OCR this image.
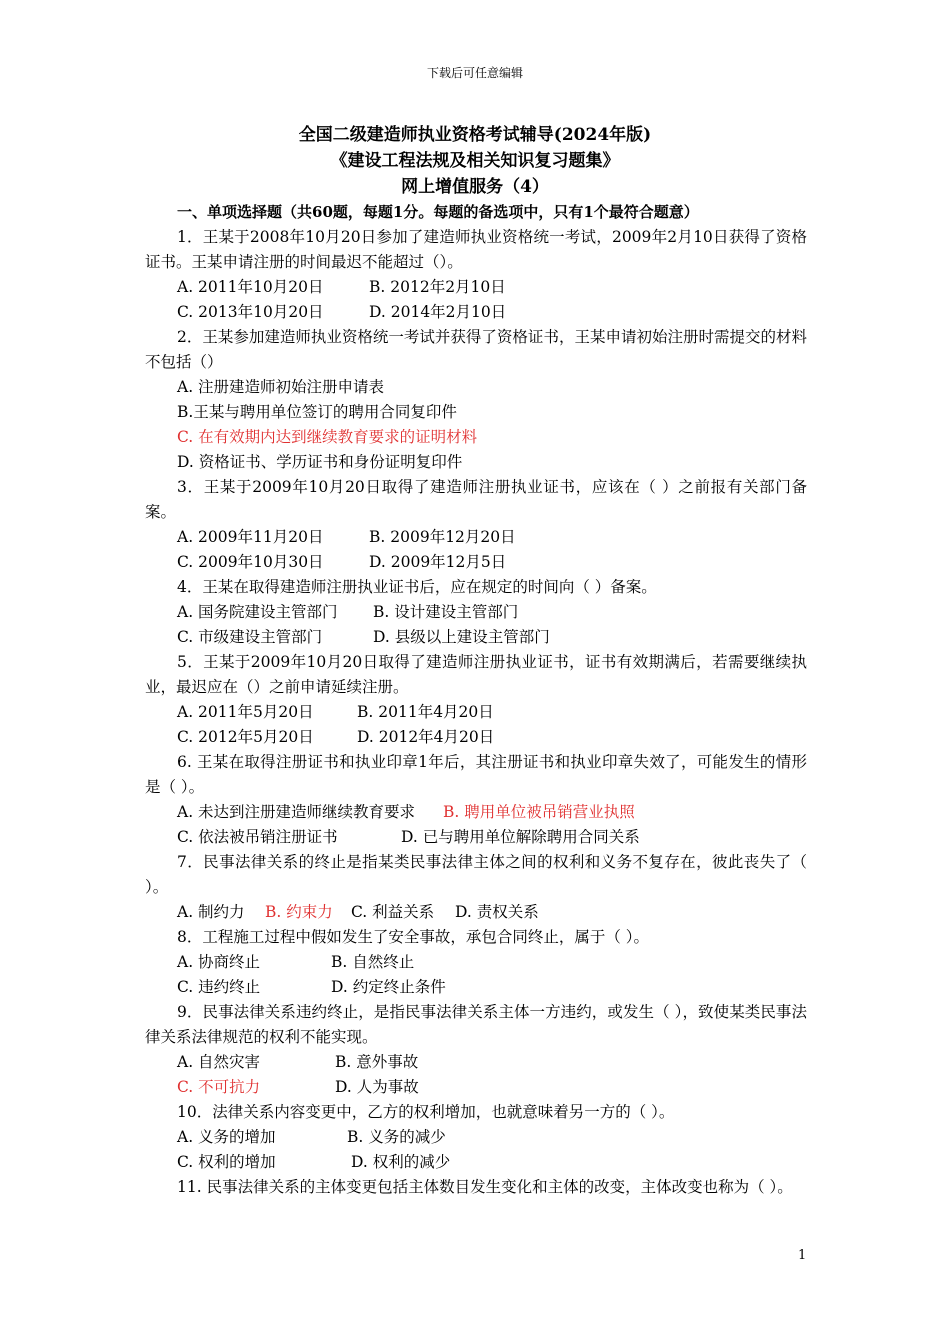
下载后可任意编辑
全国二级建造师执业资格考试辅导(2024年版)
《建设工程法规及相关知识复习题集》
网上增值服务（4）
一、单项选择题（共60题，每题1分。每题的备选项中，只有1个最符合题意）
1．王某于2008年10月20日参加了建造师执业资格统一考试，2009年2月10日获得了资格证书。王某申请注册的时间最迟不能超过（）。
A. 2011年10月20日	B. 2012年2月10日
C. 2013年10月20日	D. 2014年2月10日
2．王某参加建造师执业资格统一考试并获得了资格证书，王某申请初始注册时需提交的材料不包括（）
A. 注册建造师初始注册申请表
B.王某与聘用单位签订的聘用合同复印件
C. 在有效期内达到继续教育要求的证明材料
D. 资格证书、学历证书和身份证明复印件
3．王某于2009年10月20日取得了建造师注册执业证书，应该在（ ）之前报有关部门备案。
A. 2009年11月20日	B. 2009年12月20日
C. 2009年10月30日	D. 2009年12月5日
4．王某在取得建造师注册执业证书后，应在规定的时间向（ ）备案。
A. 国务院建设主管部门 B. 设计建设主管部门
C. 市级建设主管部门	D. 县级以上建设主管部门
5．王某于2009年10月20日取得了建造师注册执业证书，证书有效期满后，若需要继续执业，最迟应在（）之前申请延续注册。
A. 2011年5月20日	B. 2011年4月20日
C. 2012年5月20日	D. 2012年4月20日
6. 王某在取得注册证书和执业印章1年后，其注册证书和执业印章失效了，可能发生的情形是（ ）。
A. 未达到注册建造师继续教育要求 B. 聘用单位被吊销营业执照
C. 依法被吊销注册证书	D. 已与聘用单位解除聘用合同关系
7．民事法律关系的终止是指某类民事法律主体之间的权利和义务不复存在，彼此丧失了（ ）。
A. 制约力 B. 约束力 C. 利益关系 D. 责权关系
8．工程施工过程中假如发生了安全事故，承包合同终止，属于（ ）。
A. 协商终止	B. 自然终止
C. 违约终止	D. 约定终止条件
9．民事法律关系违约终止，是指民事法律关系主体一方违约，或发生（ ），致使某类民事法律关系法律规范的权利不能实现。
A. 自然灾害	B. 意外事故
C. 不可抗力	D. 人为事故
10．法律关系内容变更中，乙方的权利增加，也就意味着另一方的（ ）。
A. 义务的增加	B. 义务的减少
C. 权利的增加	D. 权利的减少
11. 民事法律关系的主体变更包括主体数目发生变化和主体的改变，主体改变也称为（ ）。
1
